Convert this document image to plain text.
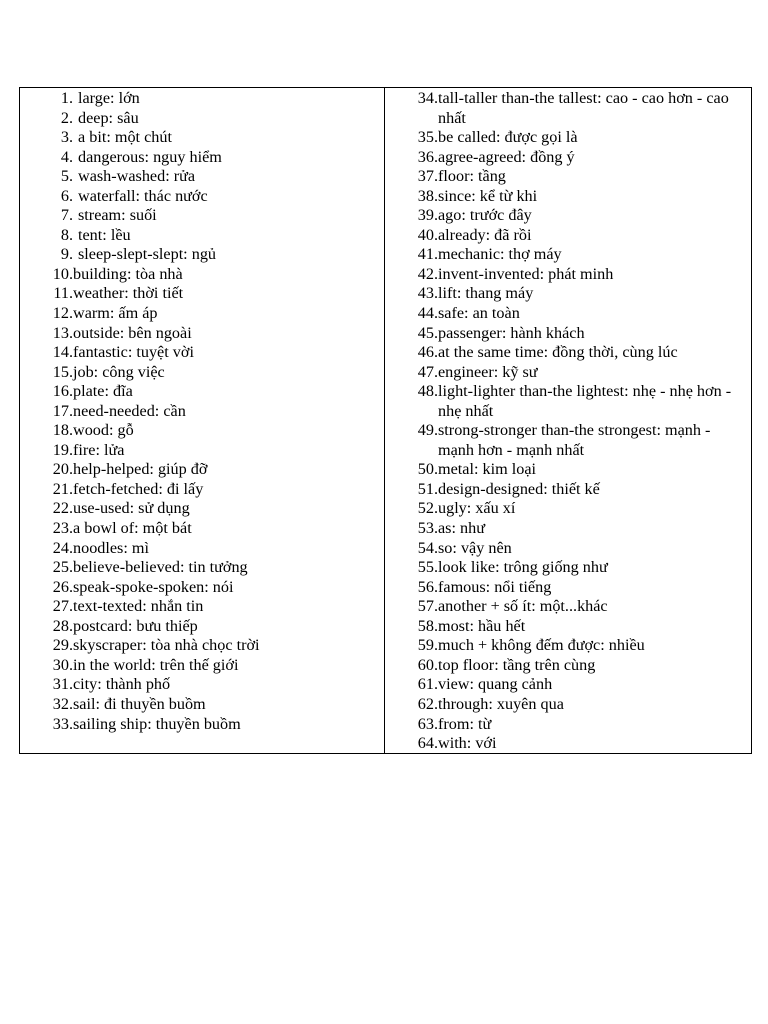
1. large: lớn
2. deep: sâu
3. a bit: một chút
4. dangerous: nguy hiểm
5. wash-washed: rửa
6. waterfall: thác nước
7. stream: suối
8. tent: lều
9. sleep-slept-slept: ngủ
10. building: tòa nhà
11. weather: thời tiết
12. warm: ấm áp
13. outside: bên ngoài
14. fantastic: tuyệt vời
15. job: công việc
16. plate: đĩa
17. need-needed: cần
18. wood: gỗ
19. fire: lửa
20. help-helped: giúp đỡ
21. fetch-fetched: đi lấy
22. use-used: sử dụng
23. a bowl of: một bát
24. noodles: mì
25. believe-believed: tin tưởng
26. speak-spoke-spoken: nói
27. text-texted: nhắn tin
28. postcard: bưu thiếp
29. skyscraper: tòa nhà chọc trời
30. in the world: trên thế giới
31. city: thành phố
32. sail: đi thuyền buồm
33. sailing ship: thuyền buồm
34. tall-taller than-the tallest: cao - cao hơn - cao nhất
35. be called: được gọi là
36. agree-agreed: đồng ý
37. floor: tầng
38. since: kể từ khi
39. ago: trước đây
40. already: đã rồi
41. mechanic: thợ máy
42. invent-invented: phát minh
43. lift: thang máy
44. safe: an toàn
45. passenger: hành khách
46. at the same time: đồng thời, cùng lúc
47. engineer: kỹ sư
48. light-lighter than-the lightest: nhẹ - nhẹ hơn - nhẹ nhất
49. strong-stronger than-the strongest: mạnh - mạnh hơn - mạnh nhất
50. metal: kim loại
51. design-designed: thiết kế
52. ugly: xấu xí
53. as: như
54. so: vậy nên
55. look like: trông giống như
56. famous: nổi tiếng
57. another + số ít: một...khác
58. most: hầu hết
59. much + không đếm được: nhiều
60. top floor: tầng trên cùng
61. view: quang cảnh
62. through: xuyên qua
63. from: từ
64. with: với
